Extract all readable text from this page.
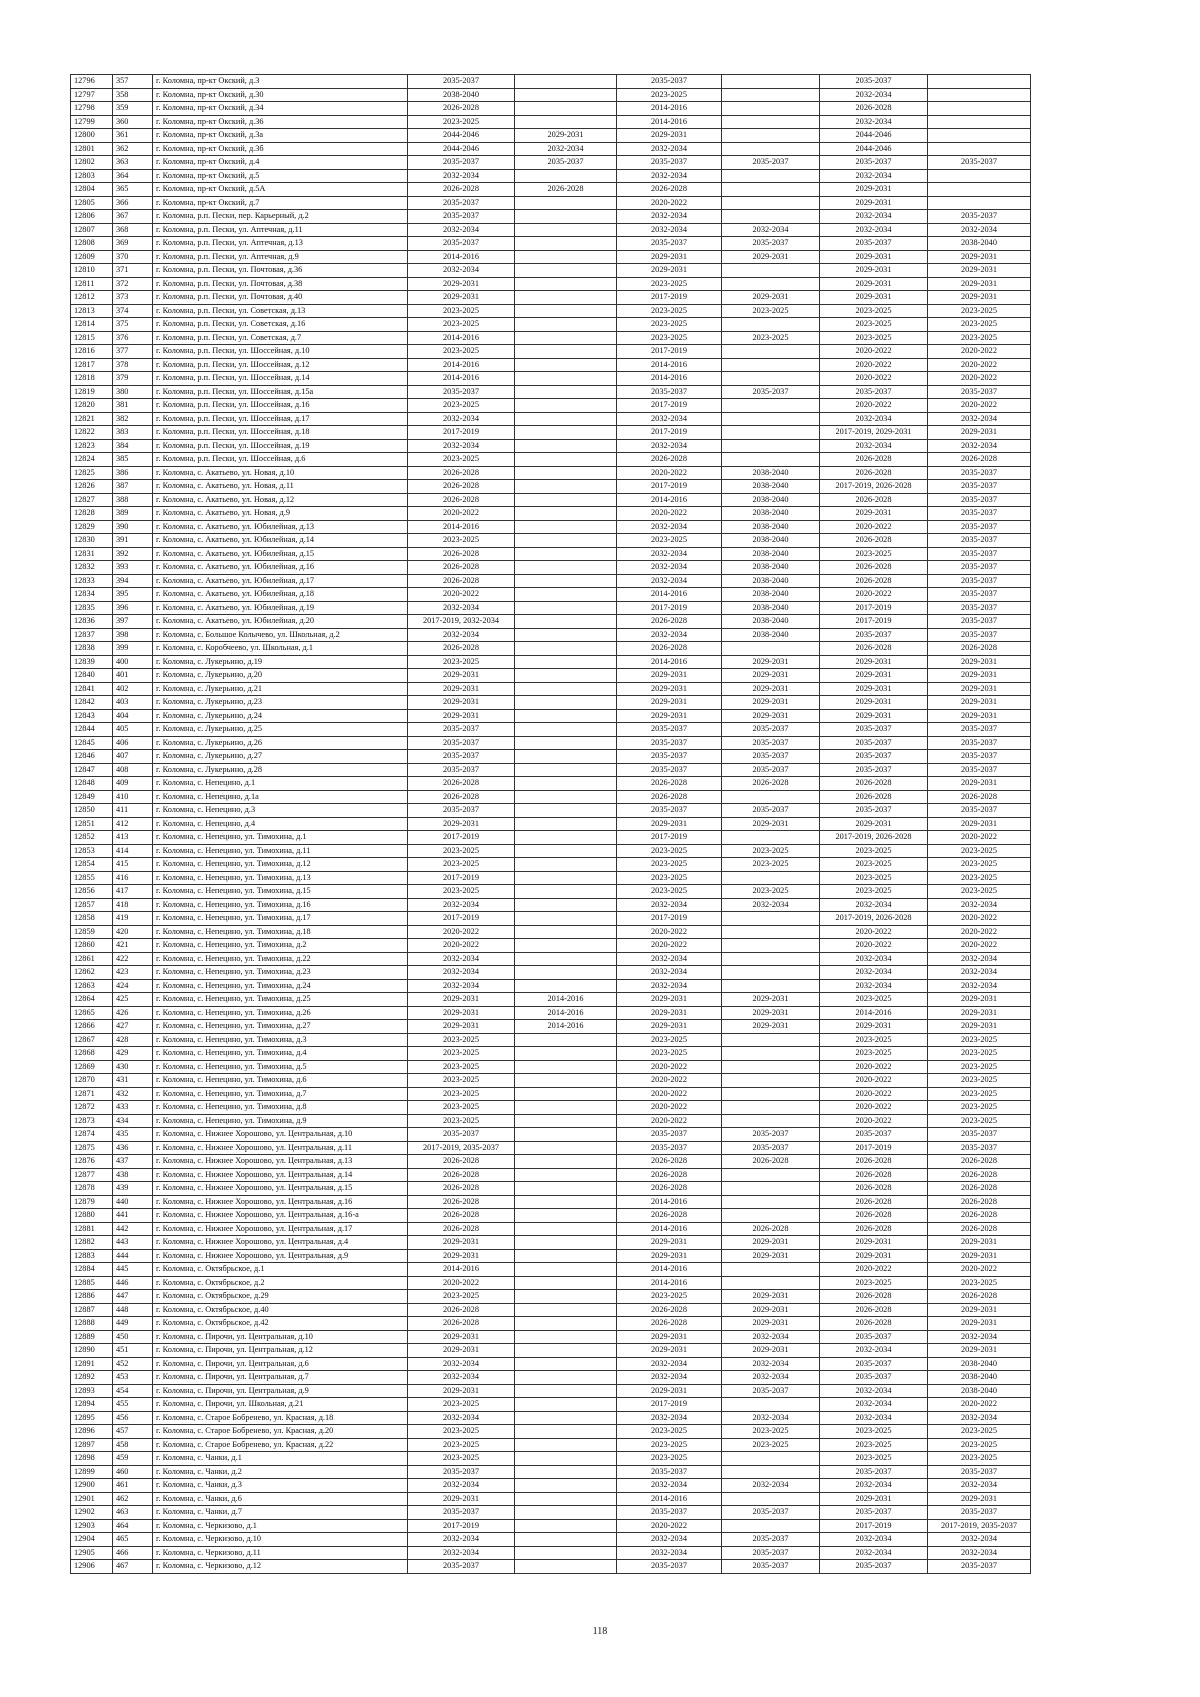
12796	357	г. Коломна, пр-кт Окский, д.3	2035-2037		2035-2037		2035-2037	
12797	358	г. Коломна, пр-кт Окский, д.30	2038-2040		2023-2025		2032-2034	
12798	359	г. Коломна, пр-кт Окский, д.34	2026-2028		2014-2016		2026-2028	
12799	360	г. Коломна, пр-кт Окский, д.36	2023-2025		2014-2016		2032-2034	
12800	361	г. Коломна, пр-кт Окский, д.3а	2044-2046	2029-2031	2029-2031		2044-2046	
12801	362	г. Коломна, пр-кт Окский, д.3б	2044-2046	2032-2034	2032-2034		2044-2046	
12802	363	г. Коломна, пр-кт Окский, д.4	2035-2037	2035-2037	2035-2037	2035-2037	2035-2037	2035-2037
12803	364	г. Коломна, пр-кт Окский, д.5	2032-2034		2032-2034		2032-2034	
12804	365	г. Коломна, пр-кт Окский, д.5А	2026-2028	2026-2028	2026-2028		2029-2031	
12805	366	г. Коломна, пр-кт Окский, д.7	2035-2037		2020-2022		2029-2031	
12806	367	г. Коломна, р.п. Пески, пер. Карьерный, д.2	2035-2037		2032-2034		2032-2034	2035-2037
12807	368	г. Коломна, р.п. Пески, ул. Аптечная, д.11	2032-2034		2032-2034	2032-2034	2032-2034	2032-2034
12808	369	г. Коломна, р.п. Пески, ул. Аптечная, д.13	2035-2037		2035-2037	2035-2037	2035-2037	2038-2040
12809	370	г. Коломна, р.п. Пески, ул. Аптечная, д.9	2014-2016		2029-2031	2029-2031	2029-2031	2029-2031
12810	371	г. Коломна, р.п. Пески, ул. Почтовая, д.36	2032-2034		2029-2031		2029-2031	2029-2031
12811	372	г. Коломна, р.п. Пески, ул. Почтовая, д.38	2029-2031		2023-2025		2029-2031	2029-2031
12812	373	г. Коломна, р.п. Пески, ул. Почтовая, д.40	2029-2031		2017-2019	2029-2031	2029-2031	2029-2031
12813	374	г. Коломна, р.п. Пески, ул. Советская, д.13	2023-2025		2023-2025	2023-2025	2023-2025	2023-2025
12814	375	г. Коломна, р.п. Пески, ул. Советская, д.16	2023-2025		2023-2025		2023-2025	2023-2025
12815	376	г. Коломна, р.п. Пески, ул. Советская, д.7	2014-2016		2023-2025	2023-2025	2023-2025	2023-2025
12816	377	г. Коломна, р.п. Пески, ул. Шоссейная, д.10	2023-2025		2017-2019		2020-2022	2020-2022
12817	378	г. Коломна, р.п. Пески, ул. Шоссейная, д.12	2014-2016		2014-2016		2020-2022	2020-2022
12818	379	г. Коломна, р.п. Пески, ул. Шоссейная, д.14	2014-2016		2014-2016		2020-2022	2020-2022
12819	380	г. Коломна, р.п. Пески, ул. Шоссейная, д.15а	2035-2037		2035-2037	2035-2037	2035-2037	2035-2037
12820	381	г. Коломна, р.п. Пески, ул. Шоссейная, д.16	2023-2025		2017-2019		2020-2022	2020-2022
12821	382	г. Коломна, р.п. Пески, ул. Шоссейная, д.17	2032-2034		2032-2034		2032-2034	2032-2034
12822	383	г. Коломна, р.п. Пески, ул. Шоссейная, д.18	2017-2019		2017-2019		2017-2019, 2029-2031	2029-2031
12823	384	г. Коломна, р.п. Пески, ул. Шоссейная, д.19	2032-2034		2032-2034		2032-2034	2032-2034
12824	385	г. Коломна, р.п. Пески, ул. Шоссейная, д.6	2023-2025		2026-2028		2026-2028	2026-2028
12825	386	г. Коломна, с. Акатьево, ул. Новая, д.10	2026-2028		2020-2022	2038-2040	2026-2028	2035-2037
12826	387	г. Коломна, с. Акатьево, ул. Новая, д.11	2026-2028		2017-2019	2038-2040	2017-2019, 2026-2028	2035-2037
12827	388	г. Коломна, с. Акатьево, ул. Новая, д.12	2026-2028		2014-2016	2038-2040	2026-2028	2035-2037
12828	389	г. Коломна, с. Акатьево, ул. Новая, д.9	2020-2022		2020-2022	2038-2040	2029-2031	2035-2037
12829	390	г. Коломна, с. Акатьево, ул. Юбилейная, д.13	2014-2016		2032-2034	2038-2040	2020-2022	2035-2037
12830	391	г. Коломна, с. Акатьево, ул. Юбилейная, д.14	2023-2025		2023-2025	2038-2040	2026-2028	2035-2037
12831	392	г. Коломна, с. Акатьево, ул. Юбилейная, д.15	2026-2028		2032-2034	2038-2040	2023-2025	2035-2037
12832	393	г. Коломна, с. Акатьево, ул. Юбилейная, д.16	2026-2028		2032-2034	2038-2040	2026-2028	2035-2037
12833	394	г. Коломна, с. Акатьево, ул. Юбилейная, д.17	2026-2028		2032-2034	2038-2040	2026-2028	2035-2037
12834	395	г. Коломна, с. Акатьево, ул. Юбилейная, д.18	2020-2022		2014-2016	2038-2040	2020-2022	2035-2037
12835	396	г. Коломна, с. Акатьево, ул. Юбилейная, д.19	2032-2034		2017-2019	2038-2040	2017-2019	2035-2037
12836	397	г. Коломна, с. Акатьево, ул. Юбилейная, д.20	2017-2019, 2032-2034		2026-2028	2038-2040	2017-2019	2035-2037
12837	398	г. Коломна, с. Большое Колычево, ул. Школьная, д.2	2032-2034		2032-2034	2038-2040	2035-2037	2035-2037
12838	399	г. Коломна, с. Коробчеево, ул. Школьная, д.1	2026-2028		2026-2028		2026-2028	2026-2028
12839	400	г. Коломна, с. Лукерьино, д.19	2023-2025		2014-2016	2029-2031	2029-2031	2029-2031
12840	401	г. Коломна, с. Лукерьино, д.20	2029-2031		2029-2031	2029-2031	2029-2031	2029-2031
12841	402	г. Коломна, с. Лукерьино, д.21	2029-2031		2029-2031	2029-2031	2029-2031	2029-2031
12842	403	г. Коломна, с. Лукерьино, д.23	2029-2031		2029-2031	2029-2031	2029-2031	2029-2031
12843	404	г. Коломна, с. Лукерьино, д.24	2029-2031		2029-2031	2029-2031	2029-2031	2029-2031
12844	405	г. Коломна, с. Лукерьино, д.25	2035-2037		2035-2037	2035-2037	2035-2037	2035-2037
12845	406	г. Коломна, с. Лукерьино, д.26	2035-2037		2035-2037	2035-2037	2035-2037	2035-2037
12846	407	г. Коломна, с. Лукерьино, д.27	2035-2037		2035-2037	2035-2037	2035-2037	2035-2037
12847	408	г. Коломна, с. Лукерьино, д.28	2035-2037		2035-2037	2035-2037	2035-2037	2035-2037
12848	409	г. Коломна, с. Непецино, д.1	2026-2028		2026-2028	2026-2028	2026-2028	2029-2031
12849	410	г. Коломна, с. Непецино, д.1а	2026-2028		2026-2028		2026-2028	2026-2028
12850	411	г. Коломна, с. Непецино, д.3	2035-2037		2035-2037	2035-2037	2035-2037	2035-2037
12851	412	г. Коломна, с. Непецино, д.4	2029-2031		2029-2031	2029-2031	2029-2031	2029-2031
12852	413	г. Коломна, с. Непецино, ул. Тимохина, д.1	2017-2019		2017-2019		2017-2019, 2026-2028	2020-2022
12853	414	г. Коломна, с. Непецино, ул. Тимохина, д.11	2023-2025		2023-2025	2023-2025	2023-2025	2023-2025
12854	415	г. Коломна, с. Непецино, ул. Тимохина, д.12	2023-2025		2023-2025	2023-2025	2023-2025	2023-2025
12855	416	г. Коломна, с. Непецино, ул. Тимохина, д.13	2017-2019		2023-2025		2023-2025	2023-2025
12856	417	г. Коломна, с. Непецино, ул. Тимохина, д.15	2023-2025		2023-2025	2023-2025	2023-2025	2023-2025
12857	418	г. Коломна, с. Непецино, ул. Тимохина, д.16	2032-2034		2032-2034	2032-2034	2032-2034	2032-2034
12858	419	г. Коломна, с. Непецино, ул. Тимохина, д.17	2017-2019		2017-2019		2017-2019, 2026-2028	2020-2022
12859	420	г. Коломна, с. Непецино, ул. Тимохина, д.18	2020-2022		2020-2022		2020-2022	2020-2022
12860	421	г. Коломна, с. Непецино, ул. Тимохина, д.2	2020-2022		2020-2022		2020-2022	2020-2022
12861	422	г. Коломна, с. Непецино, ул. Тимохина, д.22	2032-2034		2032-2034		2032-2034	2032-2034
12862	423	г. Коломна, с. Непецино, ул. Тимохина, д.23	2032-2034		2032-2034		2032-2034	2032-2034
12863	424	г. Коломна, с. Непецино, ул. Тимохина, д.24	2032-2034		2032-2034		2032-2034	2032-2034
12864	425	г. Коломна, с. Непецино, ул. Тимохина, д.25	2029-2031	2014-2016	2029-2031	2029-2031	2023-2025	2029-2031
12865	426	г. Коломна, с. Непецино, ул. Тимохина, д.26	2029-2031	2014-2016	2029-2031	2029-2031	2014-2016	2029-2031
12866	427	г. Коломна, с. Непецино, ул. Тимохина, д.27	2029-2031	2014-2016	2029-2031	2029-2031	2029-2031	2029-2031
12867	428	г. Коломна, с. Непецино, ул. Тимохина, д.3	2023-2025		2023-2025		2023-2025	2023-2025
12868	429	г. Коломна, с. Непецино, ул. Тимохина, д.4	2023-2025		2023-2025		2023-2025	2023-2025
12869	430	г. Коломна, с. Непецино, ул. Тимохина, д.5	2023-2025		2020-2022		2020-2022	2023-2025
12870	431	г. Коломна, с. Непецино, ул. Тимохина, д.6	2023-2025		2020-2022		2020-2022	2023-2025
12871	432	г. Коломна, с. Непецино, ул. Тимохина, д.7	2023-2025		2020-2022		2020-2022	2023-2025
12872	433	г. Коломна, с. Непецино, ул. Тимохина, д.8	2023-2025		2020-2022		2020-2022	2023-2025
12873	434	г. Коломна, с. Непецино, ул. Тимохина, д.9	2023-2025		2020-2022		2020-2022	2023-2025
12874	435	г. Коломна, с. Нижнее Хорошово, ул. Центральная, д.10	2035-2037		2035-2037	2035-2037	2035-2037	2035-2037
12875	436	г. Коломна, с. Нижнее Хорошово, ул. Центральная, д.11	2017-2019, 2035-2037		2035-2037	2035-2037	2017-2019	2035-2037
12876	437	г. Коломна, с. Нижнее Хорошово, ул. Центральная, д.13	2026-2028		2026-2028	2026-2028	2026-2028	2026-2028
12877	438	г. Коломна, с. Нижнее Хорошово, ул. Центральная, д.14	2026-2028		2026-2028		2026-2028	2026-2028
12878	439	г. Коломна, с. Нижнее Хорошово, ул. Центральная, д.15	2026-2028		2026-2028		2026-2028	2026-2028
12879	440	г. Коломна, с. Нижнее Хорошово, ул. Центральная, д.16	2026-2028		2014-2016		2026-2028	2026-2028
12880	441	г. Коломна, с. Нижнее Хорошово, ул. Центральная, д.16-а	2026-2028		2026-2028		2026-2028	2026-2028
12881	442	г. Коломна, с. Нижнее Хорошово, ул. Центральная, д.17	2026-2028		2014-2016	2026-2028	2026-2028	2026-2028
12882	443	г. Коломна, с. Нижнее Хорошово, ул. Центральная, д.4	2029-2031		2029-2031	2029-2031	2029-2031	2029-2031
12883	444	г. Коломна, с. Нижнее Хорошово, ул. Центральная, д.9	2029-2031		2029-2031	2029-2031	2029-2031	2029-2031
12884	445	г. Коломна, с. Октябрьское, д.1	2014-2016		2014-2016		2020-2022	2020-2022
12885	446	г. Коломна, с. Октябрьское, д.2	2020-2022		2014-2016		2023-2025	2023-2025
12886	447	г. Коломна, с. Октябрьское, д.29	2023-2025		2023-2025	2029-2031	2026-2028	2026-2028
12887	448	г. Коломна, с. Октябрьское, д.40	2026-2028		2026-2028	2029-2031	2026-2028	2029-2031
12888	449	г. Коломна, с. Октябрьское, д.42	2026-2028		2026-2028	2029-2031	2026-2028	2029-2031
12889	450	г. Коломна, с. Пирочи, ул. Центральная, д.10	2029-2031		2029-2031	2032-2034	2035-2037	2032-2034
12890	451	г. Коломна, с. Пирочи, ул. Центральная, д.12	2029-2031		2029-2031	2029-2031	2032-2034	2029-2031
12891	452	г. Коломна, с. Пирочи, ул. Центральная, д.6	2032-2034		2032-2034	2032-2034	2035-2037	2038-2040
12892	453	г. Коломна, с. Пирочи, ул. Центральная, д.7	2032-2034		2032-2034	2032-2034	2035-2037	2038-2040
12893	454	г. Коломна, с. Пирочи, ул. Центральная, д.9	2029-2031		2029-2031	2035-2037	2032-2034	2038-2040
12894	455	г. Коломна, с. Пирочи, ул. Школьная, д.21	2023-2025		2017-2019		2032-2034	2020-2022
12895	456	г. Коломна, с. Старое Бобренево, ул. Красная, д.18	2032-2034		2032-2034	2032-2034	2032-2034	2032-2034
12896	457	г. Коломна, с. Старое Бобренево, ул. Красная, д.20	2023-2025		2023-2025	2023-2025	2023-2025	2023-2025
12897	458	г. Коломна, с. Старое Бобренево, ул. Красная, д.22	2023-2025		2023-2025	2023-2025	2023-2025	2023-2025
12898	459	г. Коломна, с. Чанки, д.1	2023-2025		2023-2025		2023-2025	2023-2025
12899	460	г. Коломна, с. Чанки, д.2	2035-2037		2035-2037		2035-2037	2035-2037
12900	461	г. Коломна, с. Чанки, д.3	2032-2034		2032-2034	2032-2034	2032-2034	2032-2034
12901	462	г. Коломна, с. Чанки, д.6	2029-2031		2014-2016		2029-2031	2029-2031
12902	463	г. Коломна, с. Чанки, д.7	2035-2037		2035-2037	2035-2037	2035-2037	2035-2037
12903	464	г. Коломна, с. Черкизово, д.1	2017-2019		2020-2022		2017-2019	2017-2019, 2035-2037
12904	465	г. Коломна, с. Черкизово, д.10	2032-2034		2032-2034	2035-2037	2032-2034	2032-2034
12905	466	г. Коломна, с. Черкизово, д.11	2032-2034		2032-2034	2035-2037	2032-2034	2032-2034
12906	467	г. Коломна, с. Черкизово, д.12	2035-2037		2035-2037	2035-2037	2035-2037	2035-2037
118
